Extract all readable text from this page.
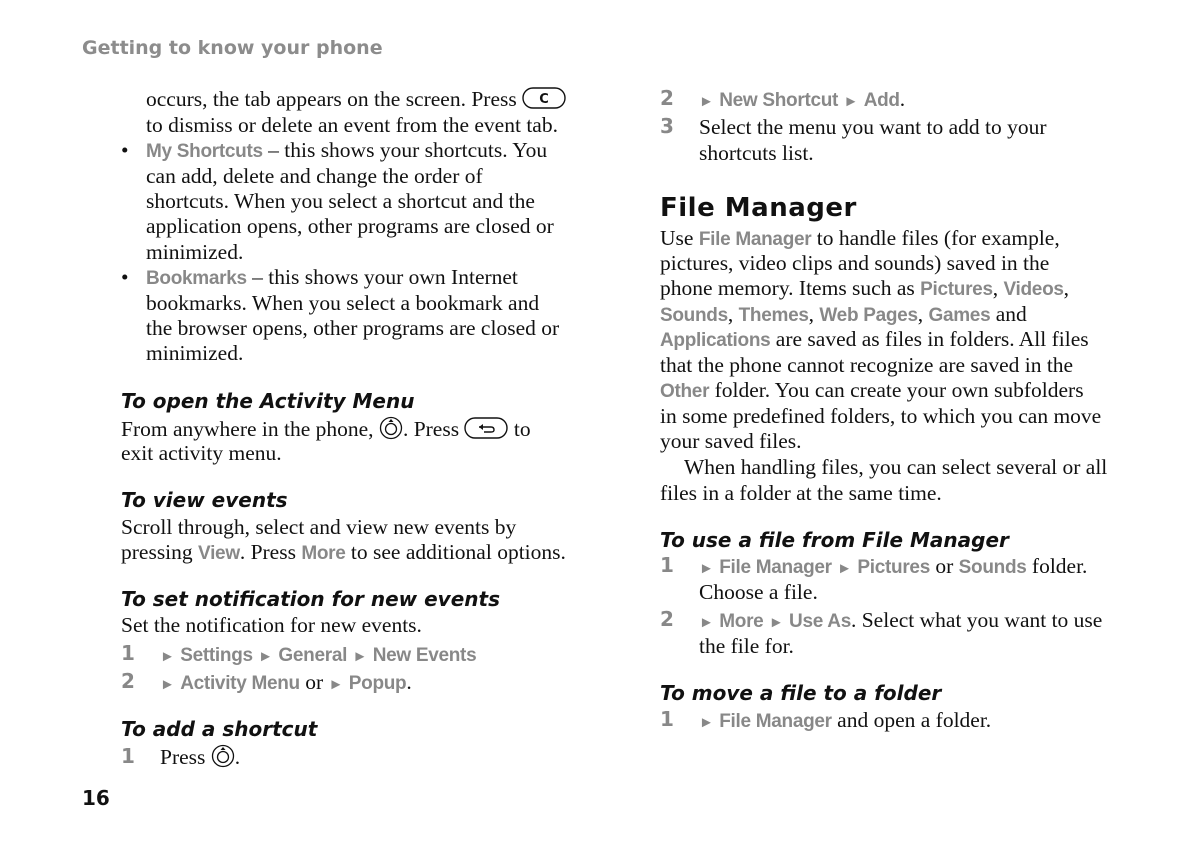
Getting to know your phone
occurs, the tab appears on the screen. Press C
to dismiss or delete an event from the event tab.
• My Shortcuts – this shows your shortcuts. You
can add, delete and change the order of
shortcuts. When you select a shortcut and the
application opens, other programs are closed or
minimized.
• Bookmarks – this shows your own Internet
bookmarks. When you select a bookmark and
the browser opens, other programs are closed or
minimized.
To open the Activity Menu
From anywhere in the phone, . Press  to
exit activity menu.
To view events
Scroll through, select and view new events by
pressing View. Press More to see additional options.
To set notification for new events
Set the notification for new events.
1 ► Settings ► General ► New Events
2 ► Activity Menu or ► Popup.
To add a shortcut
1 Press .
16
2 ► New Shortcut ► Add.
3 Select the menu you want to add to your
shortcuts list.
File Manager
Use File Manager to handle files (for example,
pictures, video clips and sounds) saved in the
phone memory. Items such as Pictures, Videos,
Sounds, Themes, Web Pages, Games and
Applications are saved as files in folders. All files
that the phone cannot recognize are saved in the
Other folder. You can create your own subfolders
in some predefined folders, to which you can move
your saved files.
When handling files, you can select several or all
files in a folder at the same time.
To use a file from File Manager
1 ► File Manager ► Pictures or Sounds folder.
Choose a file.
2 ► More ► Use As. Select what you want to use
the file for.
To move a file to a folder
1 ► File Manager and open a folder.
